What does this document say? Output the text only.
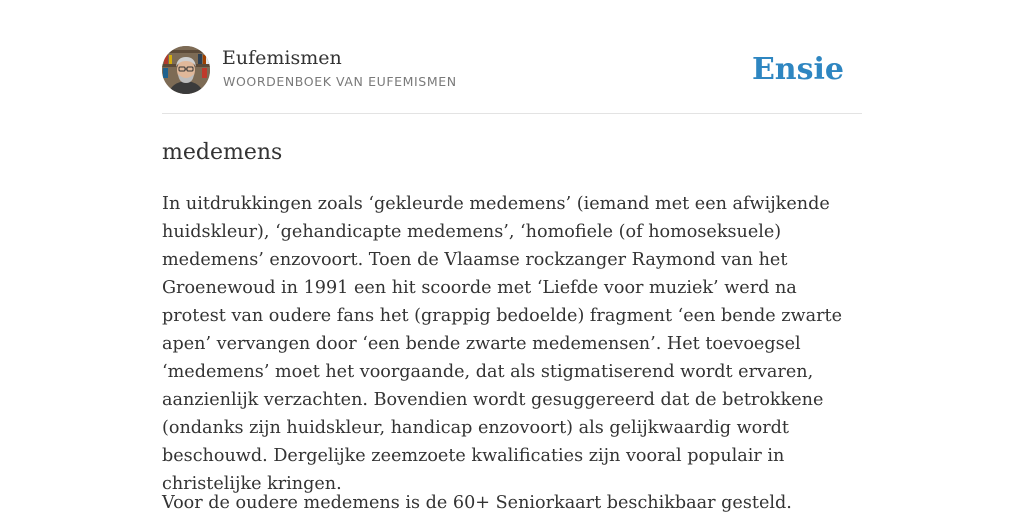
Eufemismen
WOORDENBOEK VAN EUFEMISMEN	Ensie
medemens

In uitdrukkingen zoals ‘gekleurde medemens’ (iemand met een afwijkende huidskleur), ‘gehandicapte medemens’, ‘homofiele (of homoseksuele) medemens’ enzovoort. Toen de Vlaamse rockzanger Raymond van het Groenewoud in 1991 een hit scoorde met ‘Liefde voor muziek’ werd na protest van oudere fans het (grappig bedoelde) fragment ‘een bende zwarte apen’ vervangen door ‘een bende zwarte medemensen’. Het toevoegsel ‘medemens’ moet het voorgaande, dat als stigmatiserend wordt ervaren, aanzienlijk verzachten. Bovendien wordt gesuggereerd dat de betrokkene (ondanks zijn huidskleur, handicap enzovoort) als gelijkwaardig wordt beschouwd. Dergelijke zeemzoete kwalificaties zijn vooral populair in christelijke kringen.

Voor de oudere medemens is de 60+ Seniorkaart beschikbaar gesteld.
